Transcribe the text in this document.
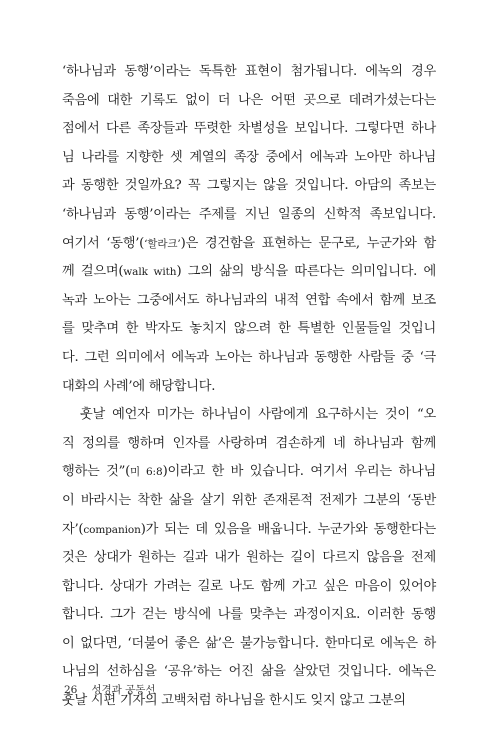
‘하나님과 동행’이라는 독특한 표현이 첨가됩니다. 에녹의 경우
죽음에 대한 기록도 없이 더 나은 어떤 곳으로 데려가셨는다는
점에서 다른 족장들과 뚜렷한 차별성을 보입니다. 그렇다면 하나
님 나라를 지향한 셋 계열의 족장 중에서 에녹과 노아만 하나님
과 동행한 것일까요? 꼭 그렇지는 않을 것입니다. 아담의 족보는
‘하나님과 동행’이라는 주제를 지닌 일종의 신학적 족보입니다.
여기서 ‘동행’(‘할라크’)은 경건함을 표현하는 문구로, 누군가와 함
께 걸으며(walk with) 그의 삶의 방식을 따른다는 의미입니다. 에
녹과 노아는 그중에서도 하나님과의 내적 연합 속에서 함께 보조
를 맞추며 한 박자도 놓치지 않으려 한 특별한 인물들일 것입니
다. 그런 의미에서 에녹과 노아는 하나님과 동행한 사람들 중 ‘극
대화의 사례’에 해당합니다.
훗날 예언자 미가는 하나님이 사람에게 요구하시는 것이 “오
직 정의를 행하며 인자를 사랑하며 겸손하게 네 하나님과 함께
행하는 것”(미 6:8)이라고 한 바 있습니다. 여기서 우리는 하나님
이 바라시는 착한 삶을 살기 위한 존재론적 전제가 그분의 ‘동반
자’(companion)가 되는 데 있음을 배웁니다. 누군가와 동행한다는
것은 상대가 원하는 길과 내가 원하는 길이 다르지 않음을 전제
합니다. 상대가 가려는 길로 나도 함께 가고 싶은 마음이 있어야
합니다. 그가 걷는 방식에 나를 맞추는 과정이지요. 이러한 동행
이 없다면, ‘더불어 좋은 삶’은 불가능합니다. 한마디로 에녹은 하
나님의 선하심을 ‘공유’하는 어진 삶을 살았던 것입니다. 에녹은
훗날 시편 기자의 고백처럼 하나님을 한시도 잊지 않고 그분의
26 성경과 공동선
